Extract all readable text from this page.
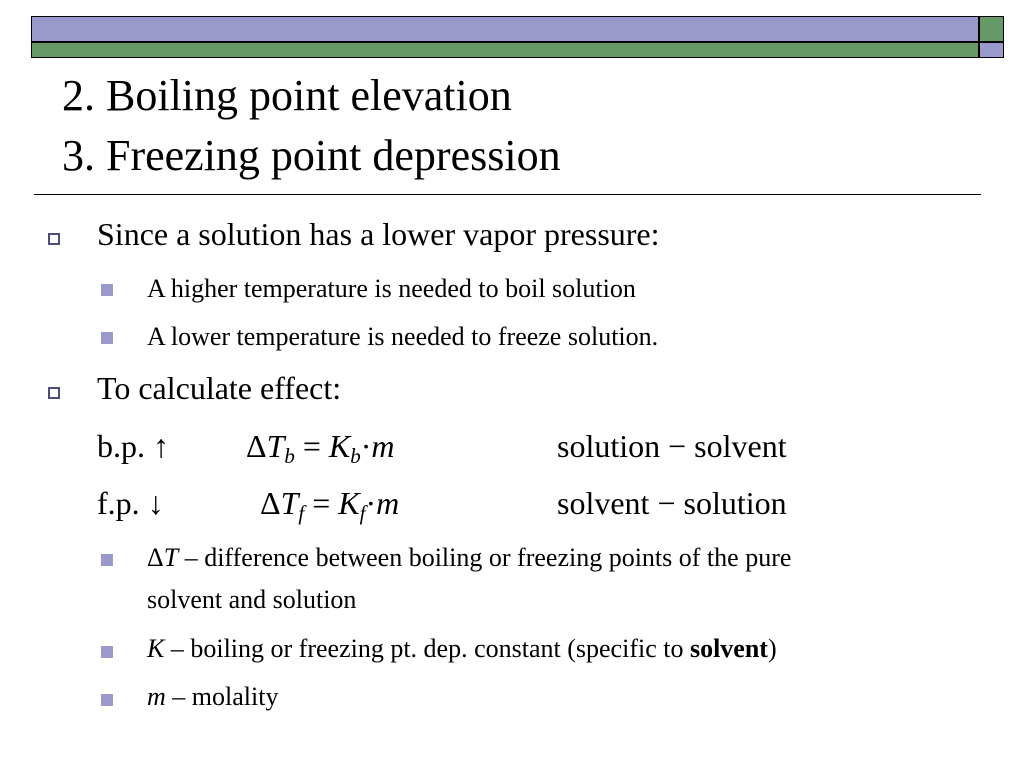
2. Boiling point elevation
3. Freezing point depression
Since a solution has a lower vapor pressure:
A higher temperature is needed to boil solution
A lower temperature is needed to freeze solution.
To calculate effect:
b.p. ↑ $\Delta T_b = K_b\cdot m$	solution − solvent
f.p. ↓	$\Delta T_f = K_f\cdot m$	solvent − solution
ΔT – difference between boiling or freezing points of the pure
solvent and solution
K – boiling or freezing pt. dep. constant (specific to solvent)
m – molality
